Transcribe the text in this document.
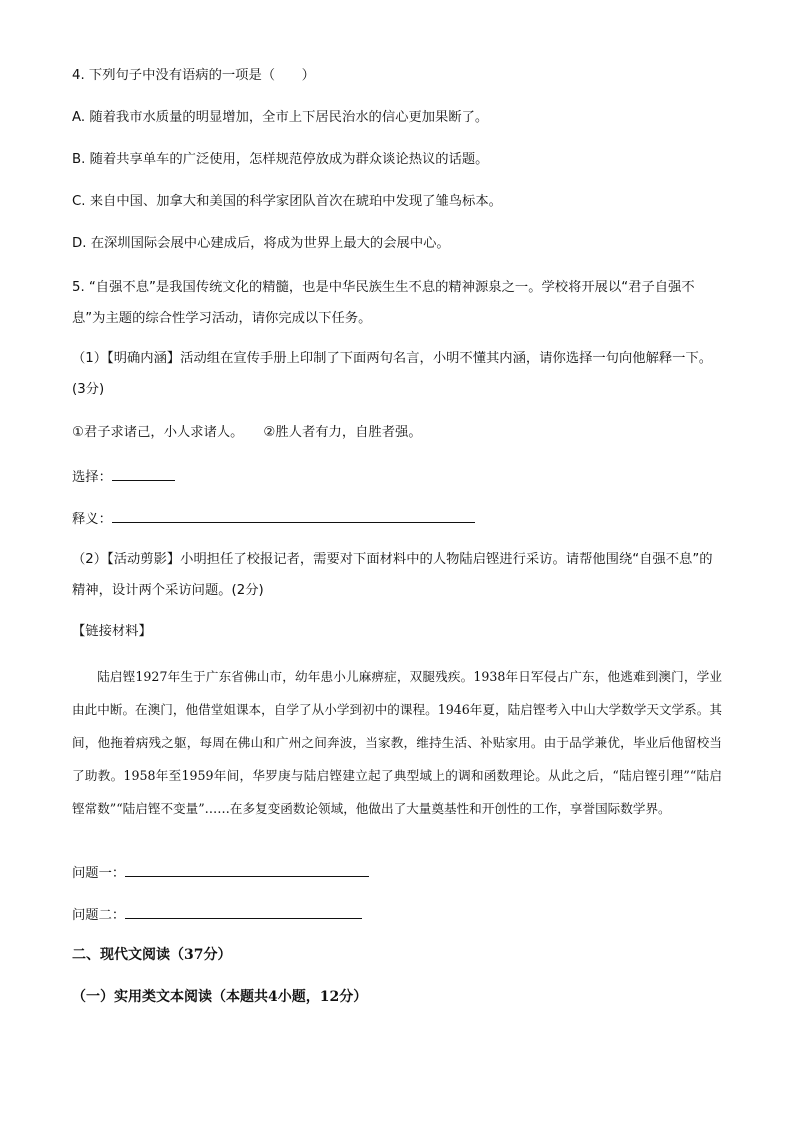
4. 下列句子中没有语病的一项是（　　）
A. 随着我市水质量的明显增加，全市上下居民治水的信心更加果断了。
B. 随着共享单车的广泛使用，怎样规范停放成为群众谈论热议的话题。
C. 来自中国、加拿大和美国的科学家团队首次在琥珀中发现了雏鸟标本。
D. 在深圳国际会展中心建成后，将成为世界上最大的会展中心。
5. “自强不息”是我国传统文化的精髓，也是中华民族生生不息的精神源泉之一。学校将开展以“君子自强不息”为主题的综合性学习活动，请你完成以下任务。
（1）【明确内涵】活动组在宣传手册上印制了下面两句名言，小明不懂其内涵，请你选择一句向他解释一下。(3分)
①君子求诸己，小人求诸人。　　②胜人者有力，自胜者强。
选择：
释义：
（2）【活动剪影】小明担任了校报记者，需要对下面材料中的人物陆启铿进行采访。请帮他围绕“自强不息”的精神，设计两个采访问题。(2分)
【链接材料】
陆启铿1927年生于广东省佛山市，幼年患小儿麻痹症，双腿残疾。1938年日军侵占广东，他逃难到澳门，学业由此中断。在澳门，他借堂姐课本，自学了从小学到初中的课程。1946年夏，陆启铿考入中山大学数学天文学系。其间，他拖着病残之躯，每周在佛山和广州之间奔波，当家教，维持生活、补贴家用。由于品学兼优，毕业后他留校当了助教。1958年至1959年间，华罗庚与陆启铿建立起了典型域上的调和函数理论。从此之后，“陆启铿引理”“陆启铿常数”“陆启铿不变量”……在多复变函数论领域，他做出了大量奠基性和开创性的工作，享誉国际数学界。
问题一：
问题二：
二、现代文阅读（37分）
（一）实用类文本阅读（本题共4小题，12分）
